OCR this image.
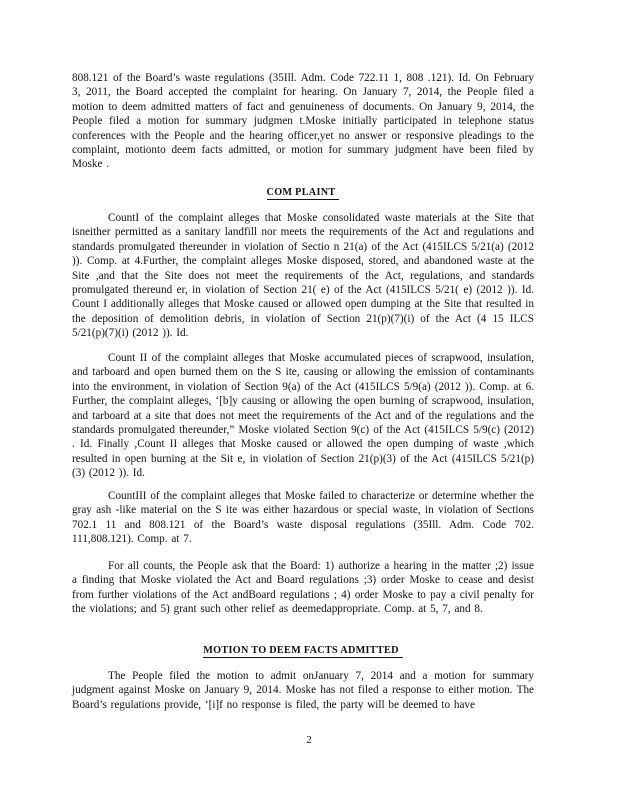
808.121 of the Board’s waste regulations (35Ill. Adm. Code 722.11 1, 808 .121). Id. On February 3, 2011, the Board accepted the complaint for hearing. On January 7, 2014, the People filed a motion to deem admitted matters of fact and genuineness of documents. On January 9, 2014, the People filed a motion for summary judgmen t.Moske initially participated in telephone status conferences with the People and the hearing officer,yet no answer or responsive pleadings to the complaint, motionto deem facts admitted, or motion for summary judgment have been filed by Moske .

COM PLAINT

CountI of the complaint alleges that Moske consolidated waste materials at the Site that isneither permitted as a sanitary landfill nor meets the requirements of the Act and regulations and standards promulgated thereunder in violation of Sectio n 21(a) of the Act (415ILCS 5/21(a) (2012 )). Comp. at 4.Further, the complaint alleges Moske disposed, stored, and abandoned waste at the Site ,and that the Site does not meet the requirements of the Act, regulations, and standards promulgated thereund er, in violation of Section 21( e) of the Act (415ILCS 5/21( e) (2012 )). Id. Count I additionally alleges that Moske caused or allowed open dumping at the Site that resulted in the deposition of demolition debris, in violation of Section 21(p)(7)(i) of the Act (4 15 ILCS 5/21(p)(7)(i) (2012 )). Id.

Count II of the complaint alleges that Moske accumulated pieces of scrapwood, insulation, and tarboard and open burned them on the S ite, causing or allowing the emission of contaminants into the environment, in violation of Section 9(a) of the Act (415ILCS 5/9(a) (2012 )). Comp. at 6. Further, the complaint alleges, ‘[b]y causing or allowing the open burning of scrapwood, insulation, and tarboard at a site that does not meet the requirements of the Act and of the regulations and the standards promulgated thereunder,” Moske violated Section 9(c) of the Act (415ILCS 5/9(c) (2012) . Id. Finally ,Count II alleges that Moske caused or allowed the open dumping of waste ,which resulted in open burning at the Sit e, in violation of Section 21(p)(3) of the Act (415ILCS 5/21(p)(3) (2012 )). Id.

CountIII of the complaint alleges that Moske failed to characterize or determine whether the gray ash -like material on the S ite was either hazardous or special waste, in violation of Sections 702.1 11 and 808.121 of the Board’s waste disposal regulations (35Ill. Adm. Code 702. 111,808.121). Comp. at 7.

For all counts, the People ask that the Board: 1) authorize a hearing in the matter ;2) issue a finding that Moske violated the Act and Board regulations ;3) order Moske to cease and desist from further violations of the Act andBoard regulations ; 4) order Moske to pay a civil penalty for the violations; and 5) grant such other relief as deemedappropriate. Comp. at 5, 7, and 8.

MOTION TO DEEM FACTS ADMITTED

The People filed the motion to admit onJanuary 7, 2014 and a motion for summary judgment against Moske on January 9, 2014. Moske has not filed a response to either motion. The Board’s regulations provide, ‘[i]f no response is filed, the party will be deemed to have

2
